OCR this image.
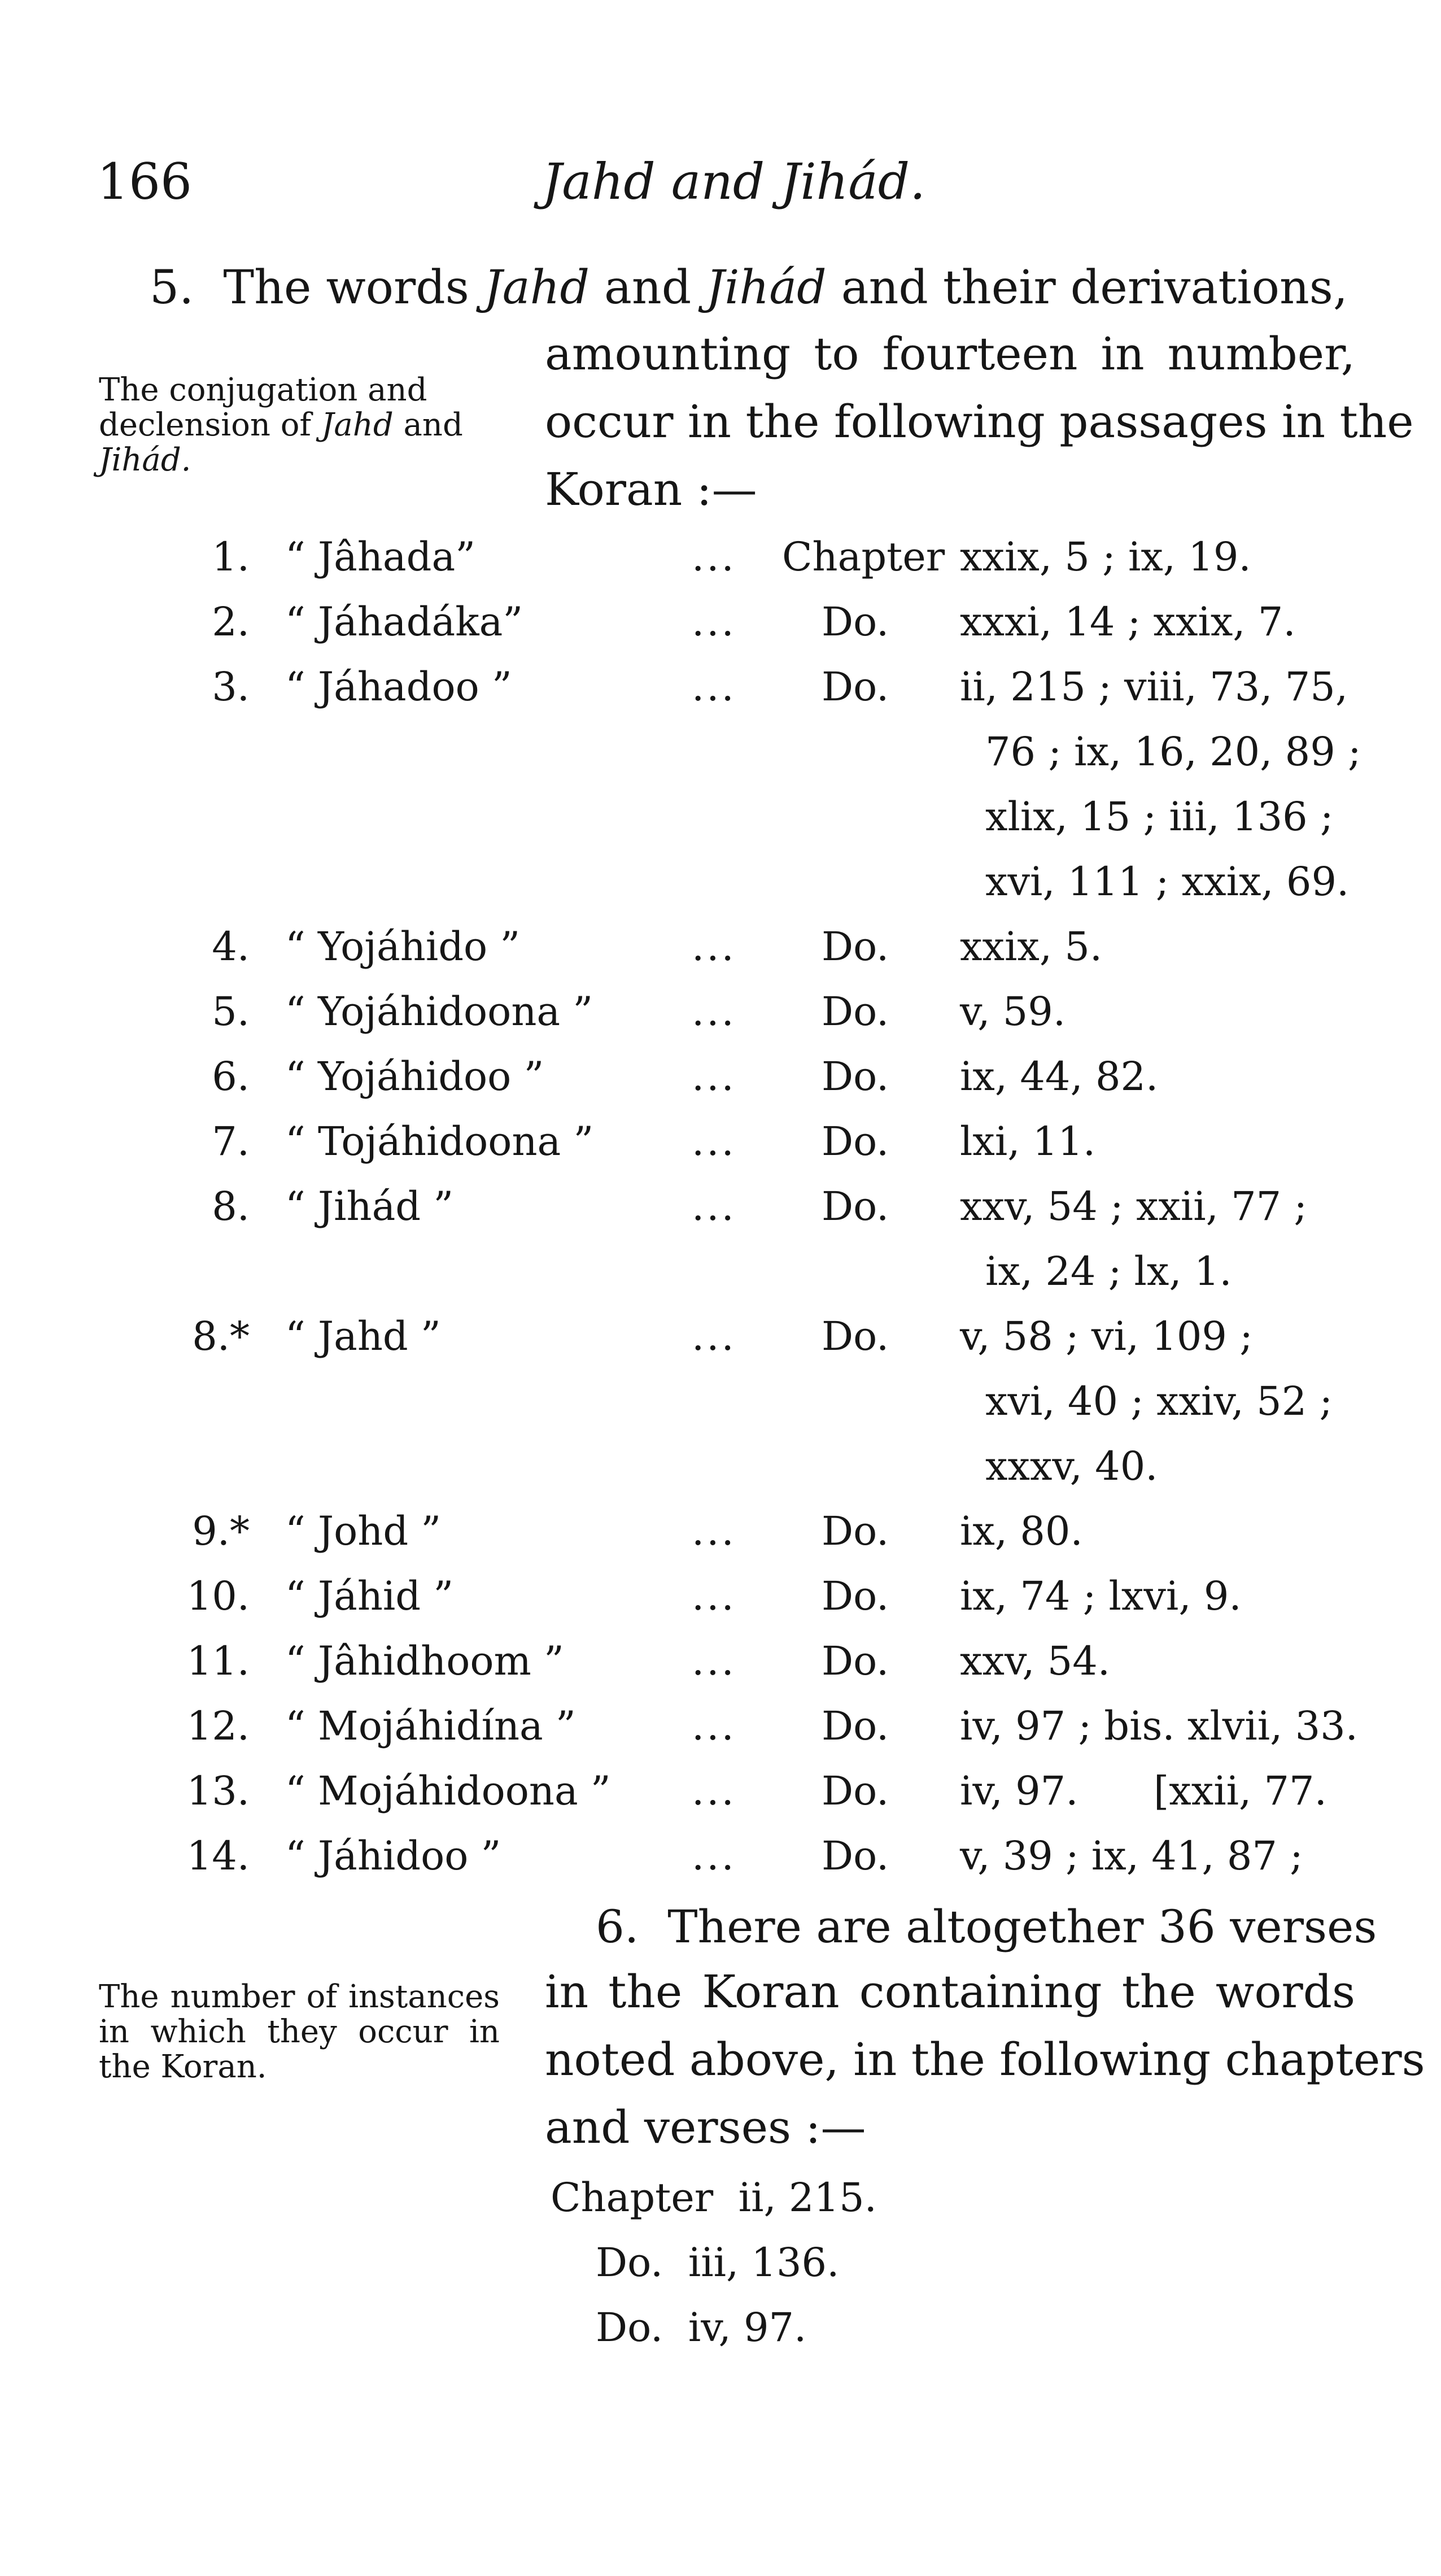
166	Jahd and Jihád.
5. The words Jahd and Jihád and their derivations,
amounting to fourteen in number,
occur in the following passages in the
Koran :—
The conjugation and declension of Jahd and Jihád.
1. “ Jâhada”	... Chapter xxix, 5 ; ix, 19.
2. “ Jáhadáka”	... Do. xxxi, 14 ; xxix, 7.
3. “ Jáhadoo ”	... Do. ii, 215 ; viii, 73, 75,
76 ; ix, 16, 20, 89 ;
xlix, 15 ; iii, 136 ;
xvi, 111 ; xxix, 69.
4. “ Yojáhido ”	... Do. xxix, 5.
5. “ Yojáhidoona ” ... Do. v, 59.
6. “ Yojáhidoo ”	... Do. ix, 44, 82.
7. “ Tojáhidoona ” ... Do. lxi, 11.
8. “ Jihád ”	... Do. xxv, 54 ; xxii, 77 ;
ix, 24 ; lx, 1.
8.* “ Jahd ”	... Do. v, 58 ; vi, 109 ;
xvi, 40 ; xxiv, 52 ;
xxxv, 40.
9.* “ Johd ”	... Do. ix, 80.
10. “ Jáhid ”	... Do. ix, 74 ; lxvi, 9.
11. “ Jâhidhoom ”	... Do. xxv, 54.
12. “ Mojáhidína ”	... Do. iv, 97 ; bis. xlvii, 33.
13. “ Mojáhidoona ” ... Do. iv, 97.      [xxii, 77.
14. “ Jáhidoo ”	... Do. v, 39 ; ix, 41, 87 ;
6.  There are altogether 36 verses
in the Koran containing the words
noted above, in the following chapters
and verses :—
The number of instances in which they occur in the Koran.
Chapter ii, 215.
Do. iii, 136.
Do. iv, 97.
